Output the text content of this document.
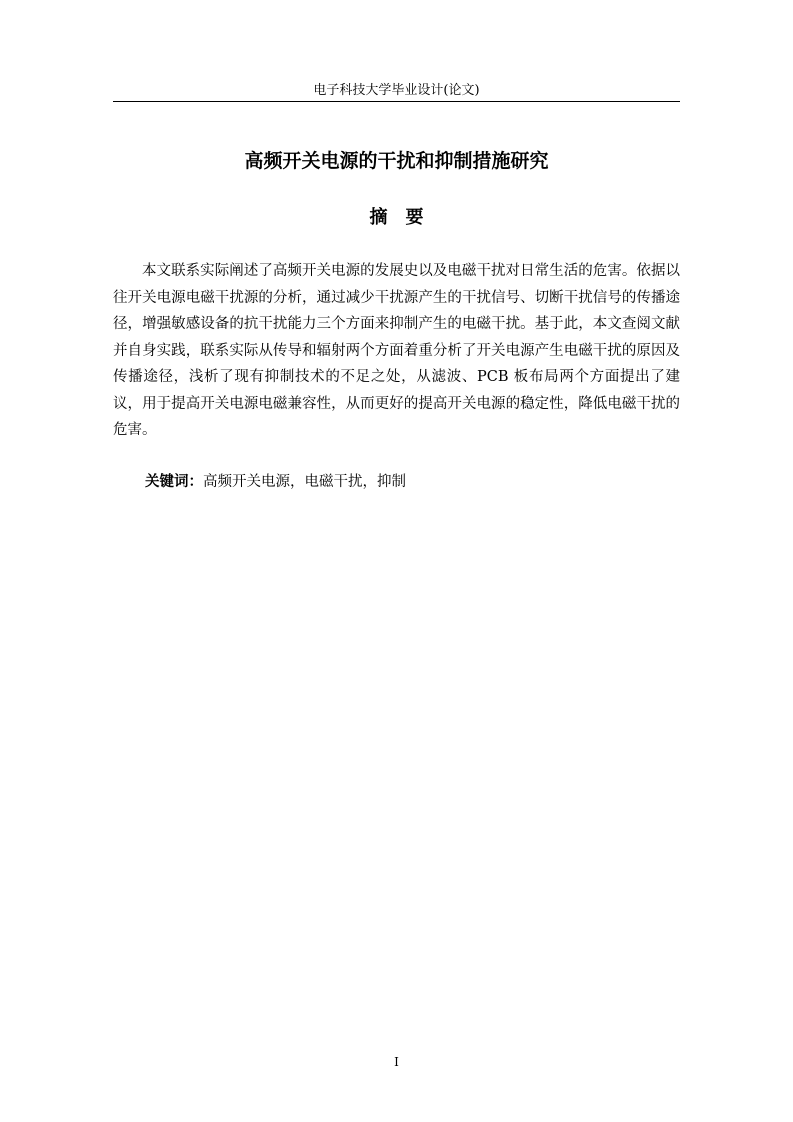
电子科技大学毕业设计(论文)
高频开关电源的干扰和抑制措施研究
摘要

本文联系实际阐述了高频开关电源的发展史以及电磁干扰对日常生活的危害。依据以往开关电源电磁干扰源的分析，通过减少干扰源产生的干扰信号、切断干扰信号的传播途径，增强敏感设备的抗干扰能力三个方面来抑制产生的电磁干扰。基于此，本文查阅文献并自身实践，联系实际从传导和辐射两个方面着重分析了开关电源产生电磁干扰的原因及传播途径，浅析了现有抑制技术的不足之处，从滤波、PCB 板布局两个方面提出了建议，用于提高开关电源电磁兼容性，从而更好的提高开关电源的稳定性，降低电磁干扰的危害。

关键词：高频开关电源，电磁干扰，抑制
I
